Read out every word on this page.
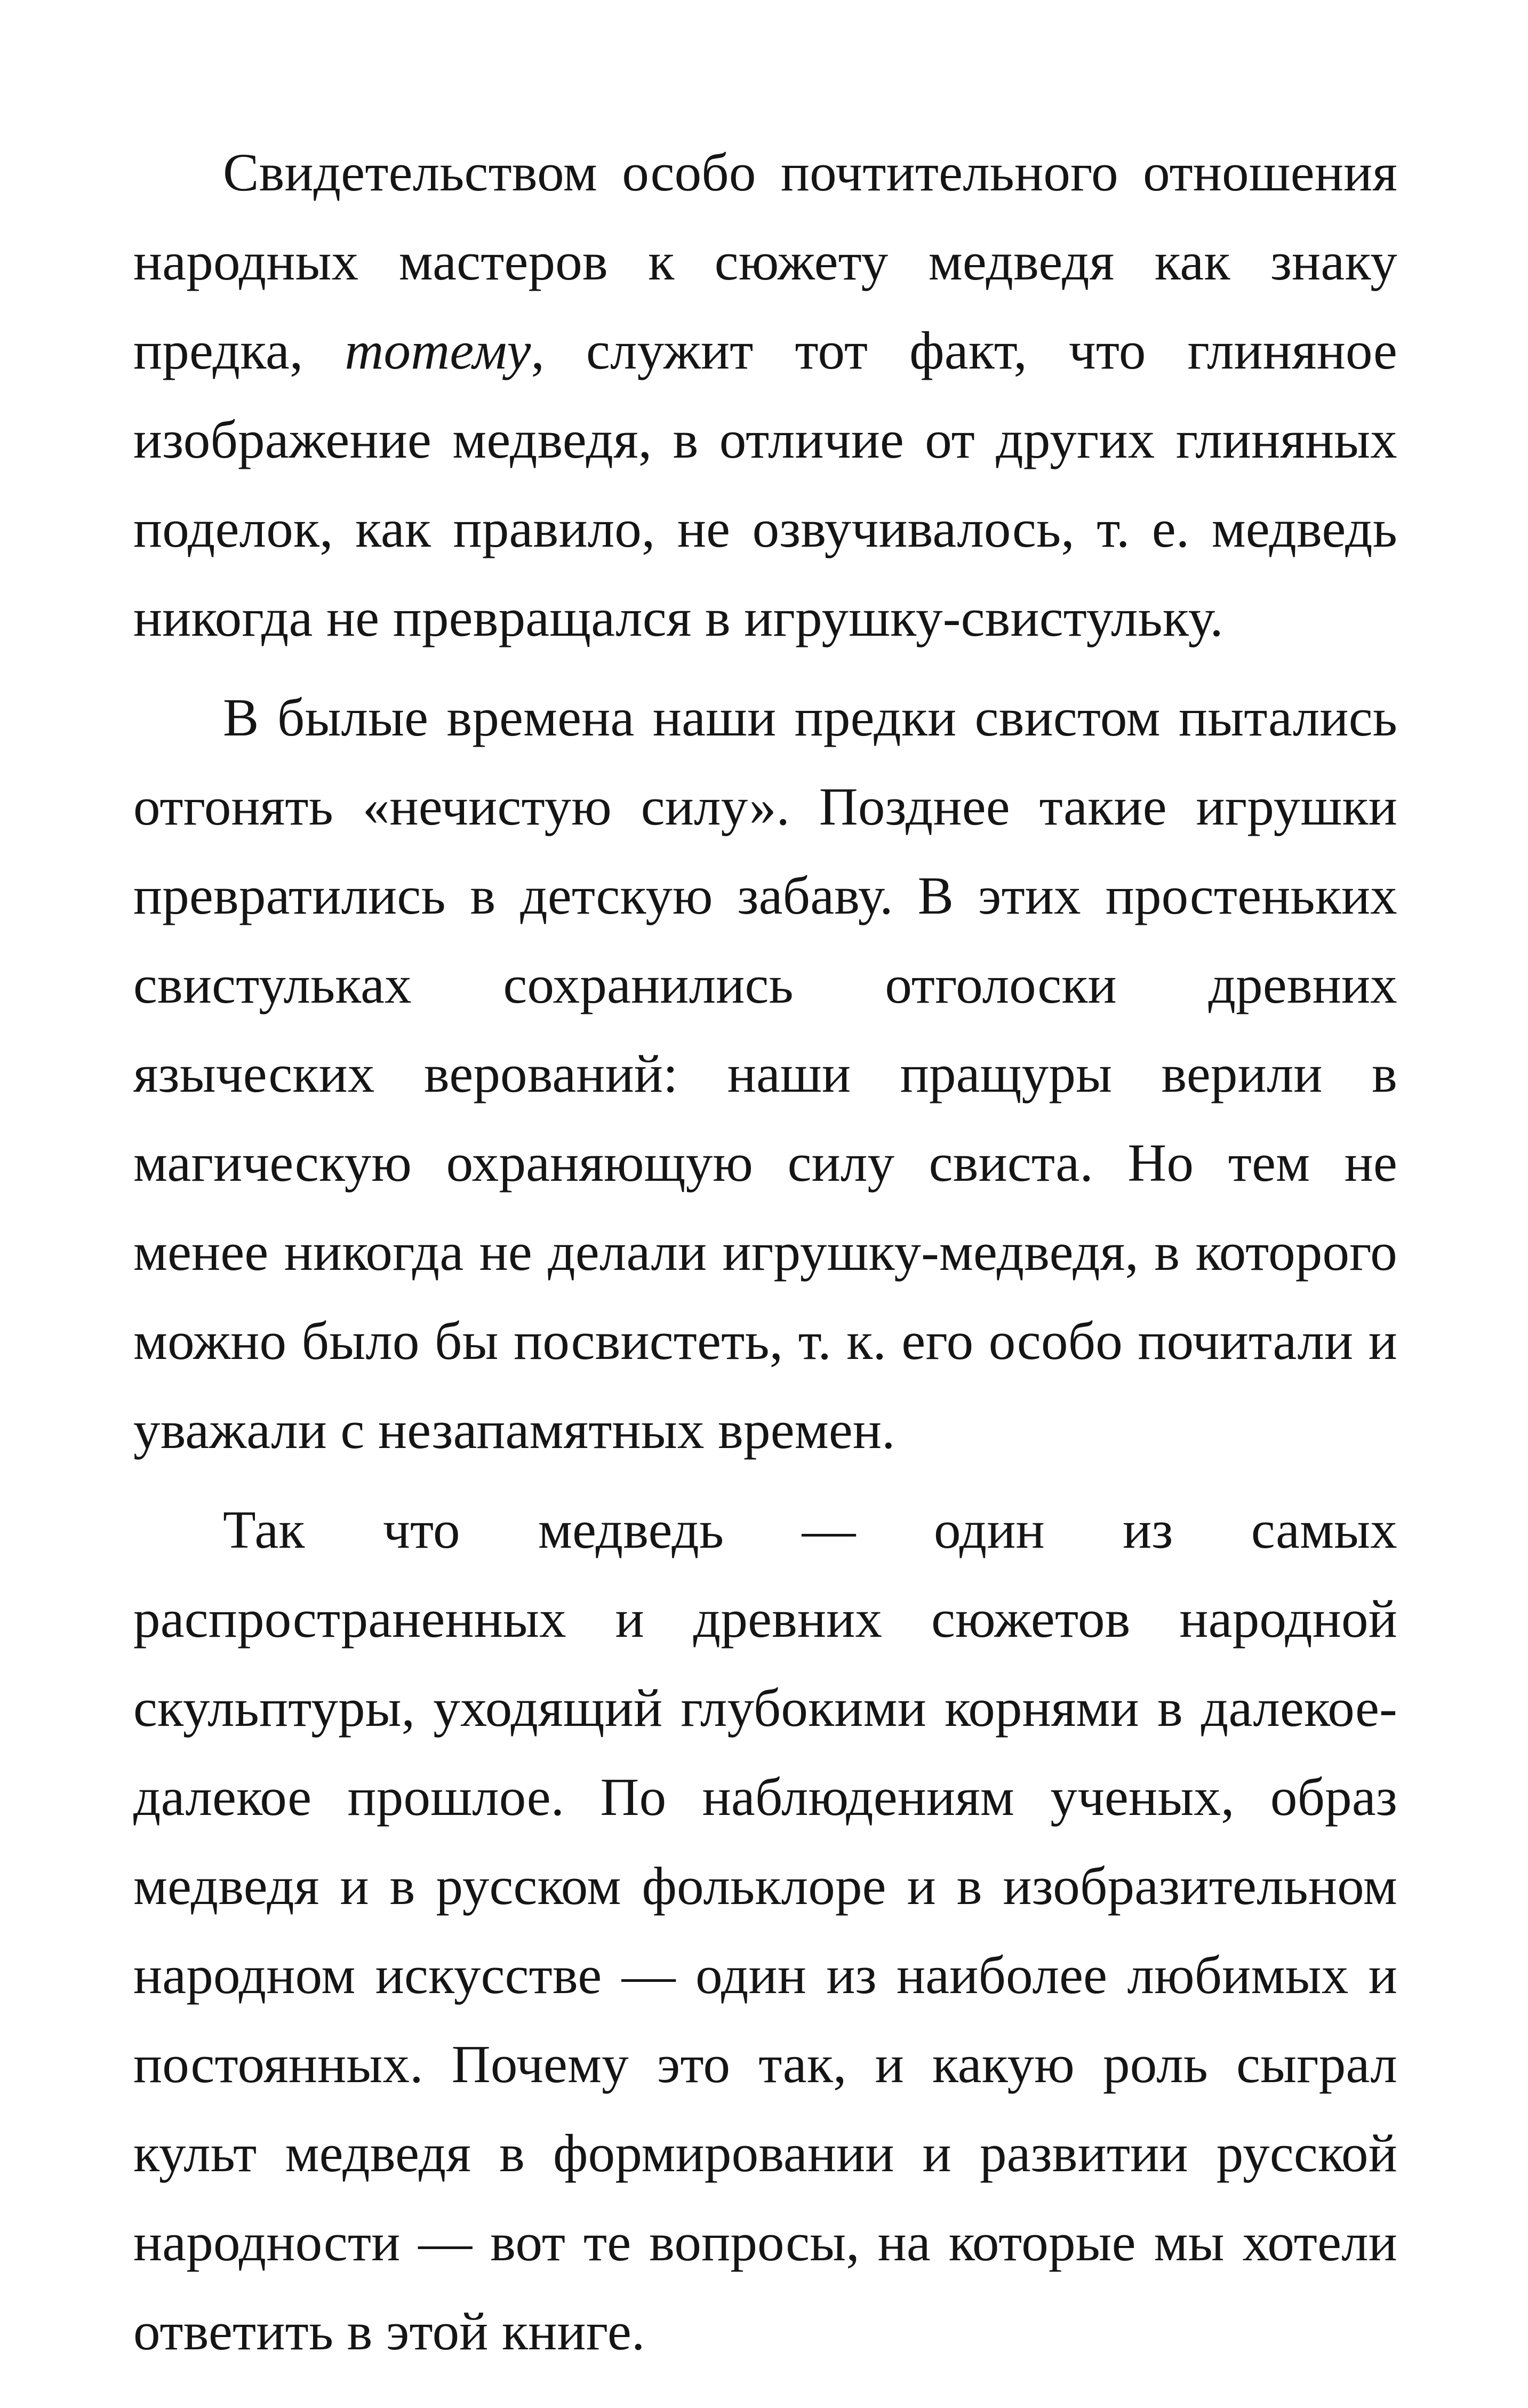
Свидетельством особо почтительного отношения народных мастеров к сюжету медведя как знаку предка, тотему, служит тот факт, что глиняное изображение медведя, в отличие от других глиняных поделок, как правило, не озвучивалось, т. е. медведь никогда не превращался в игрушку-свистульку.

В былые времена наши предки свистом пытались отгонять «нечистую силу». Позднее такие игрушки превратились в детскую забаву. В этих простеньких свистульках сохранились отголоски древних языческих верований: наши пращуры верили в магическую охраняющую силу свиста. Но тем не менее никогда не делали игрушку-медведя, в которого можно было бы посвистеть, т. к. его особо почитали и уважали с незапамятных времен.

Так что медведь — один из самых распространенных и древних сюжетов народной скульптуры, уходящий глубокими корнями в далекое-далекое прошлое. По наблюдениям ученых, образ медведя и в русском фольклоре и в изобразительном народном искусстве — один из наиболее любимых и постоянных. Почему это так, и какую роль сыграл культ медведя в формировании и развитии русской народности — вот те вопросы, на которые мы хотели ответить в этой книге.
